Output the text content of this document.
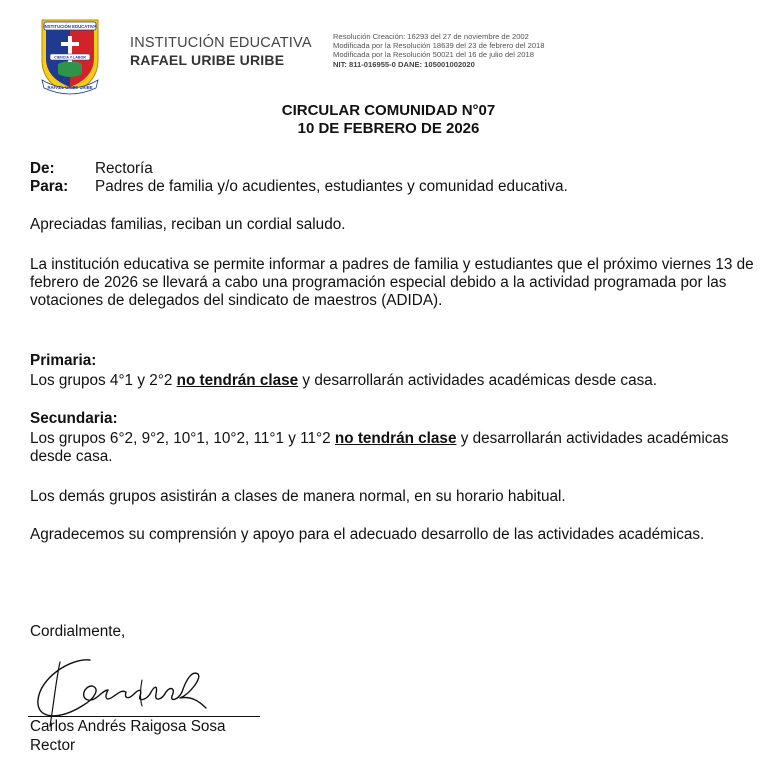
INSTITUCIÓN EDUCATIVA
CIENCIA Y LABOR
RAFAEL URIBE URIBE
INSTITUCIÓN EDUCATIVA
RAFAEL URIBE URIBE
Resolución Creación: 16293 del 27 de noviembre de 2002
Modificada por la Resolución 18639 del 23 de febrero del 2018
Modificada por la Resolución 50021 del 16 de julio del 2018
NIT: 811-016955-0 DANE: 105001002020
CIRCULAR COMUNIDAD N°07
10 DE FEBRERO DE 2026
De:	Rectoría
Para: Padres de familia y/o acudientes, estudiantes y comunidad educativa.
Apreciadas familias, reciban un cordial saludo.
La institución educativa se permite informar a padres de familia y estudiantes que el próximo viernes 13 de febrero de 2026 se llevará a cabo una programación especial debido a la actividad programada por las votaciones de delegados del sindicato de maestros (ADIDA).
Primaria:
Los grupos 4°1 y 2°2 no tendrán clase y desarrollarán actividades académicas desde casa.
Secundaria:
Los grupos 6°2, 9°2, 10°1, 10°2, 11°1 y 11°2 no tendrán clase y desarrollarán actividades académicas desde casa.
Los demás grupos asistirán a clases de manera normal, en su horario habitual.
Agradecemos su comprensión y apoyo para el adecuado desarrollo de las actividades académicas.
Cordialmente,
Carlos Andrés Raigosa Sosa
Rector
